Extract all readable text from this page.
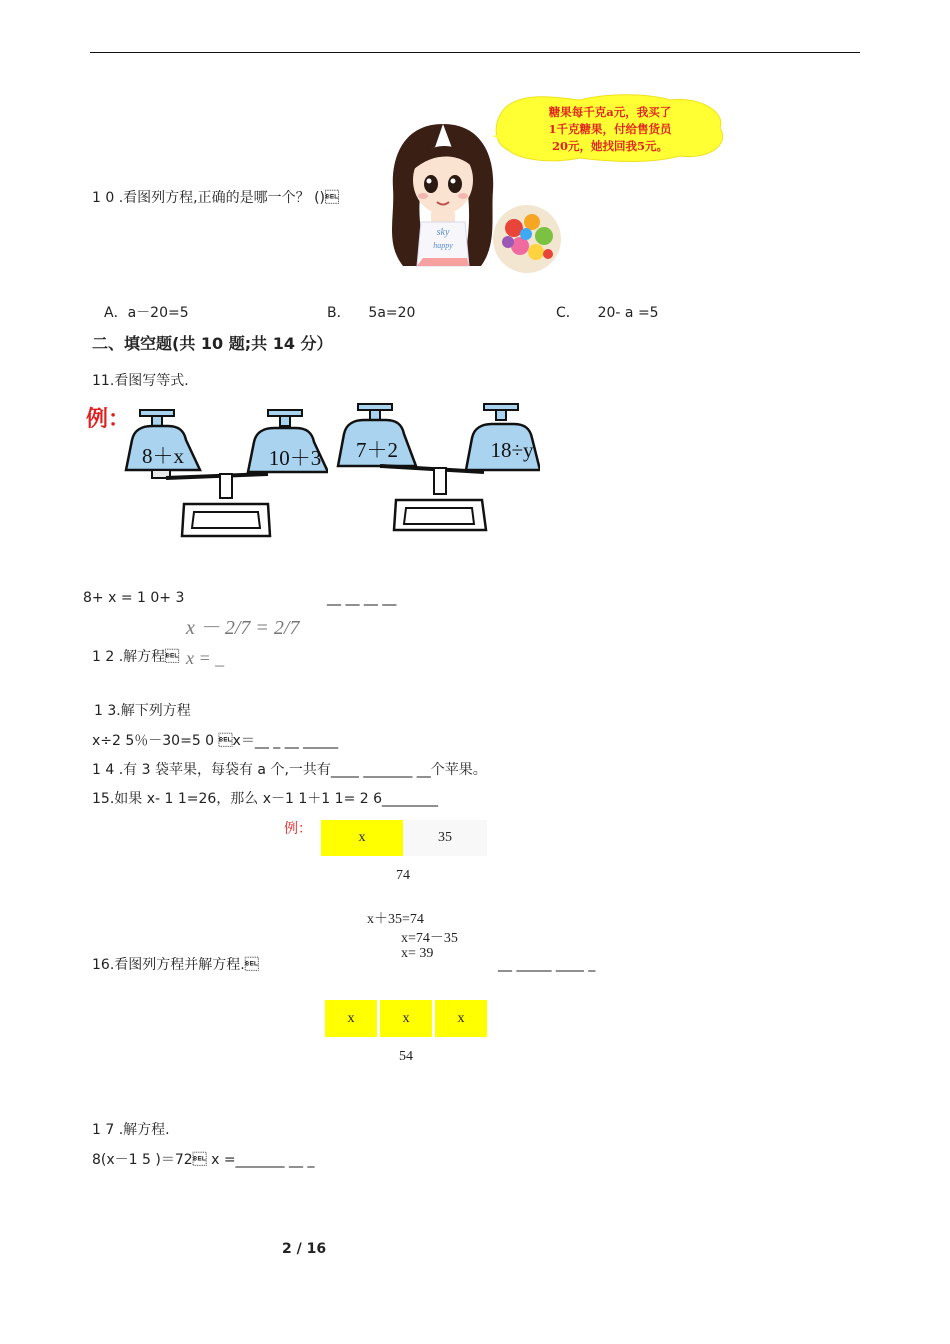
1 0 .看图列方程,正确的是哪一个？ ()
sky
happy
糖果每千克a元，我买了
1千克糖果，付给售货员
20元，她找回我5元。
A．a－20=5	B． 5a=20	C． 20- a =5
二、填空题(共 10 题;共 14 分）
11.看图写等式.
例：
8＋x	10＋3 7＋2	18÷y
8+ x = 1 0+ 3	__ __ __ __
x － 2/7 = 2/7
1 2 .解方程 x = _
1 3.解下列方程
x÷2 5％－30=5 0 x＝__ _ __ _____
1 4 .有 3 袋苹果，每袋有 a 个,一共有____ _______ __个苹果。
15.如果 x- 1 1=26，那么 x－1 1＋1 1= 2 6________
例：
x	35
74
x＋35=74
x=74－35
x= 39
16.看图列方程并解方程.	__ _____ ____ _
x	x	x
54
1 7 .解方程.
8(x－1 5 )＝72 x =_______ __ _
2 / 16
